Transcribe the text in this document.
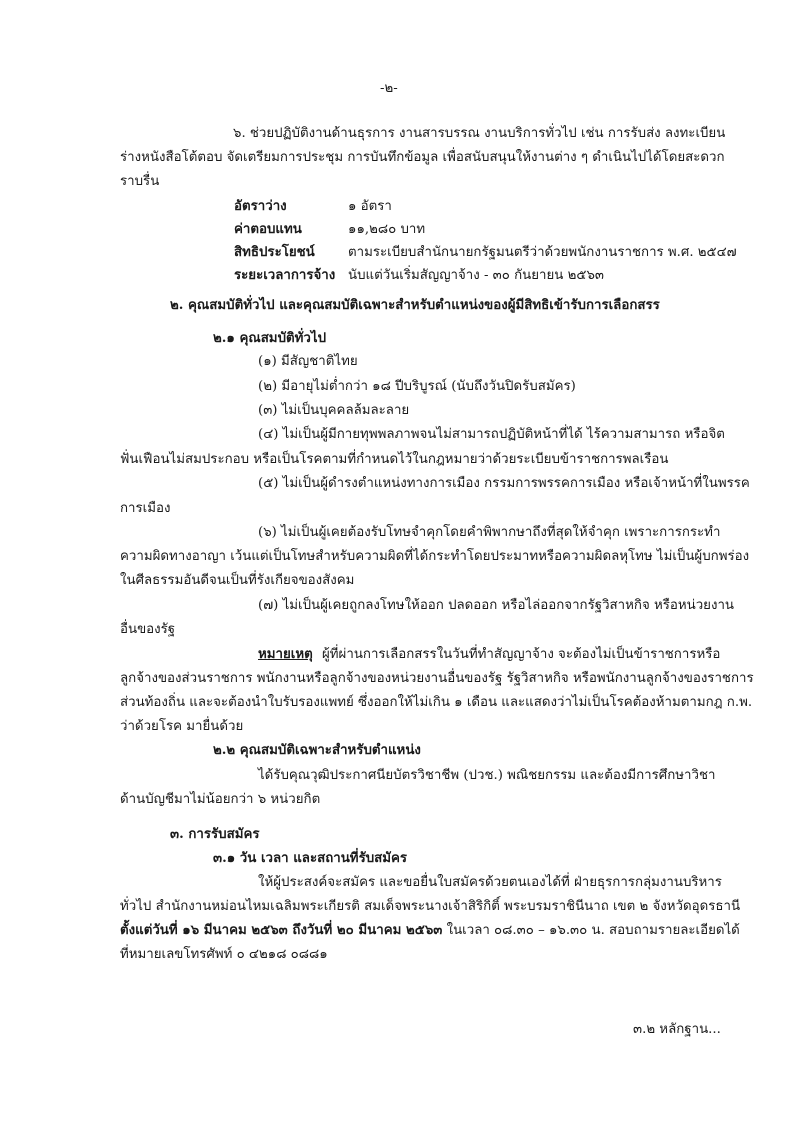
-๒-
๖. ช่วยปฏิบัติงานด้านธุรการ งานสารบรรณ งานบริการทั่วไป เช่น การรับส่ง ลงทะเบียน
ร่างหนังสือโต้ตอบ จัดเตรียมการประชุม การบันทึกข้อมูล เพื่อสนับสนุนให้งานต่าง ๆ ดำเนินไปได้โดยสะดวก
ราบรื่น
อัตราว่าง	๑ อัตรา
ค่าตอบแทน	๑๑,๒๘๐ บาท
สิทธิประโยชน์ ตามระเบียบสำนักนายกรัฐมนตรีว่าด้วยพนักงานราชการ พ.ศ. ๒๕๔๗
ระยะเวลาการจ้าง นับแต่วันเริ่มสัญญาจ้าง - ๓๐ กันยายน ๒๕๖๓
๒. คุณสมบัติทั่วไป และคุณสมบัติเฉพาะสำหรับตำแหน่งของผู้มีสิทธิเข้ารับการเลือกสรร
๒.๑ คุณสมบัติทั่วไป
(๑) มีสัญชาติไทย
(๒) มีอายุไม่ต่ำกว่า ๑๘ ปีบริบูรณ์ (นับถึงวันปิดรับสมัคร)
(๓) ไม่เป็นบุคคลล้มละลาย
(๔) ไม่เป็นผู้มีกายทุพพลภาพจนไม่สามารถปฏิบัติหน้าที่ได้ ไร้ความสามารถ หรือจิต
ฟั่นเฟือนไม่สมประกอบ หรือเป็นโรคตามที่กำหนดไว้ในกฎหมายว่าด้วยระเบียบข้าราชการพลเรือน
(๕) ไม่เป็นผู้ดำรงตำแหน่งทางการเมือง กรรมการพรรคการเมือง หรือเจ้าหน้าที่ในพรรค
การเมือง
(๖) ไม่เป็นผู้เคยต้องรับโทษจำคุกโดยคำพิพากษาถึงที่สุดให้จำคุก เพราะการกระทำ
ความผิดทางอาญา เว้นแต่เป็นโทษสำหรับความผิดที่ได้กระทำโดยประมาทหรือความผิดลหุโทษ ไม่เป็นผู้บกพร่อง
ในศีลธรรมอันดีจนเป็นที่รังเกียจของสังคม
(๗) ไม่เป็นผู้เคยถูกลงโทษให้ออก ปลดออก หรือไล่ออกจากรัฐวิสาหกิจ หรือหน่วยงาน
อื่นของรัฐ
หมายเหตุ ผู้ที่ผ่านการเลือกสรรในวันที่ทำสัญญาจ้าง จะต้องไม่เป็นข้าราชการหรือ
ลูกจ้างของส่วนราชการ พนักงานหรือลูกจ้างของหน่วยงานอื่นของรัฐ รัฐวิสาหกิจ หรือพนักงานลูกจ้างของราชการ
ส่วนท้องถิ่น และจะต้องนำใบรับรองแพทย์ ซึ่งออกให้ไม่เกิน ๑ เดือน และแสดงว่าไม่เป็นโรคต้องห้ามตามกฎ ก.พ.
ว่าด้วยโรค มายื่นด้วย
๒.๒ คุณสมบัติเฉพาะสำหรับตำแหน่ง
ได้รับคุณวุฒิประกาศนียบัตรวิชาชีพ (ปวช.) พณิชยกรรม และต้องมีการศึกษาวิชา
ด้านบัญชีมาไม่น้อยกว่า ๖ หน่วยกิต
๓. การรับสมัคร
๓.๑ วัน เวลา และสถานที่รับสมัคร
ให้ผู้ประสงค์จะสมัคร และขอยื่นใบสมัครด้วยตนเองได้ที่ ฝ่ายธุรการกลุ่มงานบริหาร
ทั่วไป สำนักงานหม่อนไหมเฉลิมพระเกียรติ สมเด็จพระนางเจ้าสิริกิติ์ พระบรมราชินีนาถ เขต ๒ จังหวัดอุดรธานี
ตั้งแต่วันที่ ๑๖ มีนาคม ๒๕๖๓ ถึงวันที่ ๒๐ มีนาคม ๒๕๖๓ ในเวลา ๐๘.๓๐ – ๑๖.๓๐ น. สอบถามรายละเอียดได้
ที่หมายเลขโทรศัพท์ ๐ ๔๒๑๘ ๐๘๘๑
๓.๒ หลักฐาน...
